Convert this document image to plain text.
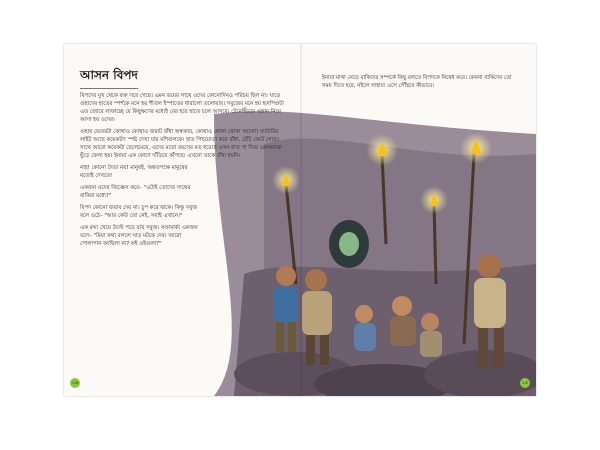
আসন বিপদ

বিপদের মুখ থেকে রক্ত সরে গেছে। এমন ভয়ের সাথে ওদের কোনোদিনও পরিচয় ছিল না। ঘাড়ে গুহাদের হাতের স্পর্শকে মনে হয় শীতল ইস্পাতের ধারালো তলোয়ার। সবুজের মনে হয় হৃদপিণ্ডটা এত জোরে লাফাচ্ছে যে কিছুক্ষণের মধ্যেই বের হয়ে হাতে চলে আসবে। টেনেহিঁচড়ে গুহায় নিয়ে আসা হয় ওদের।

গুহার ভেতরটা কোথাও কোথাও জমাট বাঁধা অন্ধকার, কোথাও থোকা থোকা আলো! ব্যাটারির লাইট আছে কয়েকটা! স্পষ্ট দেখা যায় মশিবালকে। হাত পিছমোড়া করে বাঁধা, ঠোঁট কেটে গেছে। সাথে আরো কয়েকটা ছেলেমেয়ে, ওদের মতো বয়সের মত ধরেছে এখন হাত পা দিয়ে একজনকে ছুঁড়ে ফেলা হয়। ইনায়া এক কোণে দাঁড়িয়ে কাঁপছে। এখনো তাকে বাঁধা হয়নি।

নাহ! কোনো দৈত্য নয়! মানুষই, অন্ততপক্ষে মানুষের মতোই দেখতে!

একজন ওদের জিজ্ঞেস করে– "এটাই তোদের সাথের বাকিরা মধ্যে?"

বিপদ কোনো জবাব দেয় না। চুপ করে থাকে। কিন্তু সবুজ বলে ওঠে– "আর কেউ তো নেই, সবাই এখানে।"

এক রদ্দা খেয়ে উল্টে পড়ে যায় সবুজ। ষণ্ডামার্কা একজন বলে– "মিয়া কথা বললে ঘাড় মটকে দেব। আরো পোলাপান আছিলা না? কই ওইগুলা?"

ইনায়া মাথা নেড়ে বাকিদের সম্পর্কে কিছু বলতে বিপদকে নিষেধ করে। কেননা বাকিদের তো সময় দিতে হবে, নইলে সাহায্য এসে পৌঁছবে কীভাবে।
১৪	১৫
